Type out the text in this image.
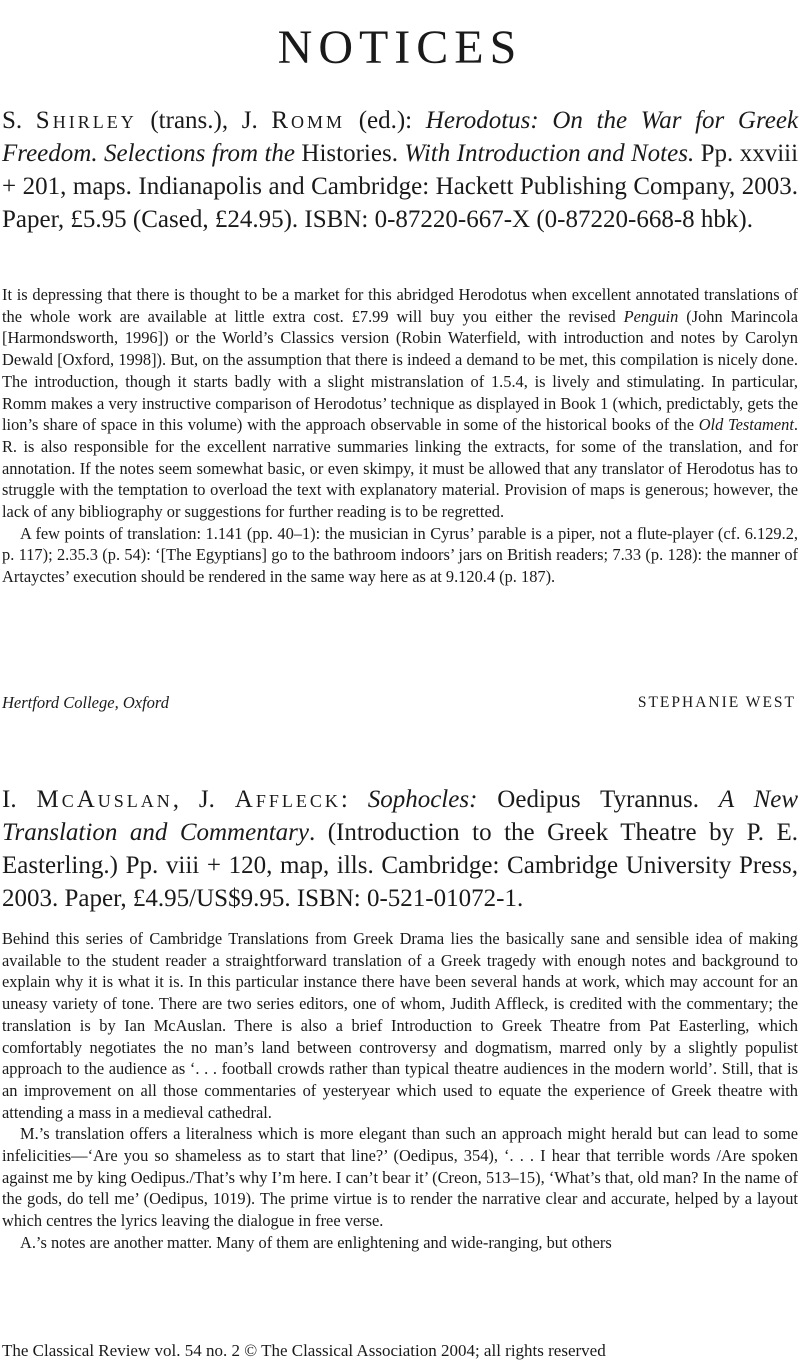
NOTICES
S. Shirley (trans.), J. Romm (ed.): Herodotus: On the War for Greek Freedom. Selections from the Histories. With Introduction and Notes. Pp. xxviii + 201, maps. Indianapolis and Cambridge: Hackett Publishing Company, 2003. Paper, £5.95 (Cased, £24.95). ISBN: 0-87220-667-X (0-87220-668-8 hbk).

It is depressing that there is thought to be a market for this abridged Herodotus when excellent annotated translations of the whole work are available at little extra cost. £7.99 will buy you either the revised Penguin (John Marincola [Harmondsworth, 1996]) or the World’s Classics version (Robin Waterfield, with introduction and notes by Carolyn Dewald [Oxford, 1998]). But, on the assumption that there is indeed a demand to be met, this compilation is nicely done. The introduction, though it starts badly with a slight mistranslation of 1.5.4, is lively and stimulating. In particular, Romm makes a very instructive comparison of Herodotus’ technique as displayed in Book 1 (which, predictably, gets the lion’s share of space in this volume) with the approach observable in some of the historical books of the Old Testament. R. is also responsible for the excellent narrative summaries linking the extracts, for some of the translation, and for annotation. If the notes seem somewhat basic, or even skimpy, it must be allowed that any translator of Herodotus has to struggle with the temptation to overload the text with explanatory material. Provision of maps is generous; however, the lack of any bibliography or suggestions for further reading is to be regretted.

A few points of translation: 1.141 (pp. 40–1): the musician in Cyrus’ parable is a piper, not a flute-player (cf. 6.129.2, p. 117); 2.35.3 (p. 54): ‘[The Egyptians] go to the bathroom indoors’ jars on British readers; 7.33 (p. 128): the manner of Artayctes’ execution should be rendered in the same way here as at 9.120.4 (p. 187).

Hertford College, Oxford	STEPHANIE WEST
I. McAuslan, J. Affleck: Sophocles: Oedipus Tyrannus. A New Translation and Commentary. (Introduction to the Greek Theatre by P. E. Easterling.) Pp. viii + 120, map, ills. Cambridge: Cambridge University Press, 2003. Paper, £4.95/US$9.95. ISBN: 0-521-01072-1.

Behind this series of Cambridge Translations from Greek Drama lies the basically sane and sensible idea of making available to the student reader a straightforward translation of a Greek tragedy with enough notes and background to explain why it is what it is. In this particular instance there have been several hands at work, which may account for an uneasy variety of tone. There are two series editors, one of whom, Judith Affleck, is credited with the commentary; the translation is by Ian McAuslan. There is also a brief Introduction to Greek Theatre from Pat Easterling, which comfortably negotiates the no man’s land between controversy and dogmatism, marred only by a slightly populist approach to the audience as ‘. . . football crowds rather than typical theatre audiences in the modern world’. Still, that is an improvement on all those commentaries of yesteryear which used to equate the experience of Greek theatre with attending a mass in a medieval cathedral.

M.’s translation offers a literalness which is more elegant than such an approach might herald but can lead to some infelicities—‘Are you so shameless as to start that line?’ (Oedipus, 354), ‘. . . I hear that terrible words /Are spoken against me by king Oedipus./That’s why I’m here. I can’t bear it’ (Creon, 513–15), ‘What’s that, old man? In the name of the gods, do tell me’ (Oedipus, 1019). The prime virtue is to render the narrative clear and accurate, helped by a layout which centres the lyrics leaving the dialogue in free verse.

A.’s notes are another matter. Many of them are enlightening and wide-ranging, but others

The Classical Review vol. 54 no. 2 © The Classical Association 2004; all rights reserved
